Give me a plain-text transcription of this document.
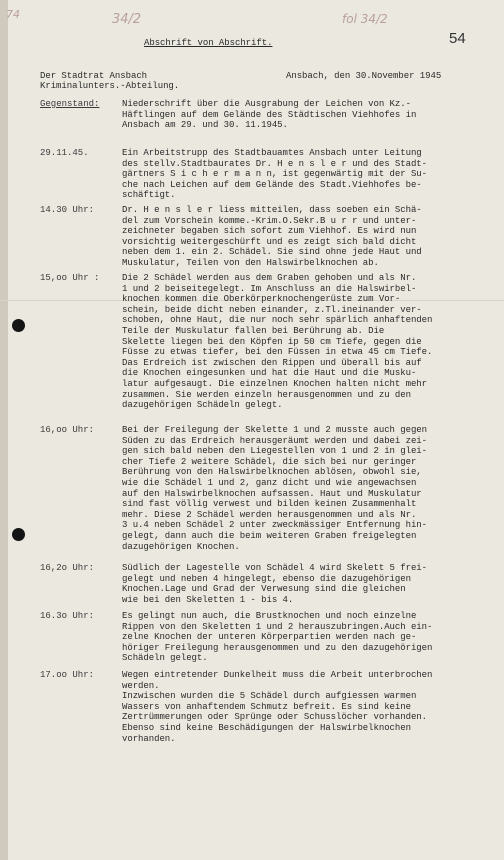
74	34/2	fol 34/2
54
Abschrift von Abschrift.
Der Stadtrat Ansbach
Kriminalunters.-Abteilung.
Ansbach, den 30.November 1945
Gegenstand:	Niederschrift über die Ausgrabung der Leichen von Kz.-
Häftlingen auf dem Gelände des Städtischen Viehhofes in
Ansbach am 29. und 30. 11.1945.
29.11.45.	Ein Arbeitstrupp des Stadtbauamtes Ansbach unter Leitung
des stellv.Stadtbaurates Dr. H e n s l e r und des Stadt-
gärtners S i c h e r m a n n, ist gegenwärtig mit der Su-
che nach Leichen auf dem Gelände des Stadt.Viehhofes be-
schäftigt.
14.30 Uhr:	Dr. H e n s l e r liess mitteilen, dass soeben ein Schä-
del zum Vorschein komme.-Krim.O.Sekr.B u r r und unter-
zeichneter begaben sich sofort zum Viehhof. Es wird nun
vorsichtig weitergeschürft und es zeigt sich bald dicht
neben dem 1. ein 2. Schädel. Sie sind ohne jede Haut und
Muskulatur, Teilen von den Halswirbelknochen ab.
15,oo Uhr :	Die 2 Schädel werden aus dem Graben gehoben und als Nr.
1 und 2 beiseitegelegt. Im Anschluss an die Halswirbel-
knochen kommen die Oberkörperknochengerüste zum Vor-
schein, beide dicht neben einander, z.Tl.ineinander ver-
schoben, ohne Haut, die nur noch sehr spärlich anhaftenden
Teile der Muskulatur fallen bei Berührung ab. Die
Skelette liegen bei den Köpfen ip 50 cm Tiefe, gegen die
Füsse zu etwas tiefer, bei den Füssen in etwa 45 cm Tiefe.
Das Erdreich ist zwischen den Rippen und überall bis auf
die Knochen eingesunken und hat die Haut und die Musku-
latur aufgesaugt. Die einzelnen Knochen halten nicht mehr
zusammen. Sie werden einzeln herausgenommen und zu den
dazugehörigen Schädeln gelegt.
16,oo Uhr:	Bei der Freilegung der Skelette 1 und 2 musste auch gegen
Süden zu das Erdreich herausgeräumt werden und dabei zei-
gen sich bald neben den Liegestellen von 1 und 2 in glei-
cher Tiefe 2 weitere Schädel, die sich bei nur geringer
Berührung von den Halswirbelknochen ablösen, obwohl sie,
wie die Schädel 1 und 2, ganz dicht und wie angewachsen
auf den Halswirbelknochen aufsassen. Haut und Muskulatur
sind fast völlig verwest und bilden keinen Zusammenhalt
mehr. Diese 2 Schädel werden herausgenommen und als Nr.
3 u.4 neben Schädel 2 unter zweckmässiger Entfernung hin-
gelegt, dann auch die beim weiteren Graben freigelegten
dazugehörigen Knochen.
16,2o Uhr:	Südlich der Lagestelle von Schädel 4 wird Skelett 5 frei-
gelegt und neben 4 hingelegt, ebenso die dazugehörigen
Knochen.Lage und Grad der Verwesung sind die gleichen
wie bei den Skeletten 1 - bis 4.
16.3o Uhr:	Es gelingt nun auch, die Brustknochen und noch einzelne
Rippen von den Skeletten 1 und 2 herauszubringen.Auch ein-
zelne Knochen der unteren Körperpartien werden nach ge-
höriger Freilegung herausgenommen und zu den dazugehörigen
Schädeln gelegt.
17.oo Uhr:	Wegen eintretender Dunkelheit muss die Arbeit unterbrochen
werden.
Inzwischen wurden die 5 Schädel durch aufgiessen warmen
Wassers von anhaftendem Schmutz befreit. Es sind keine
Zertrümmerungen oder Sprünge oder Schusslöcher vorhanden.
Ebenso sind keine Beschädigungen der Halswirbelknochen
vorhanden.
